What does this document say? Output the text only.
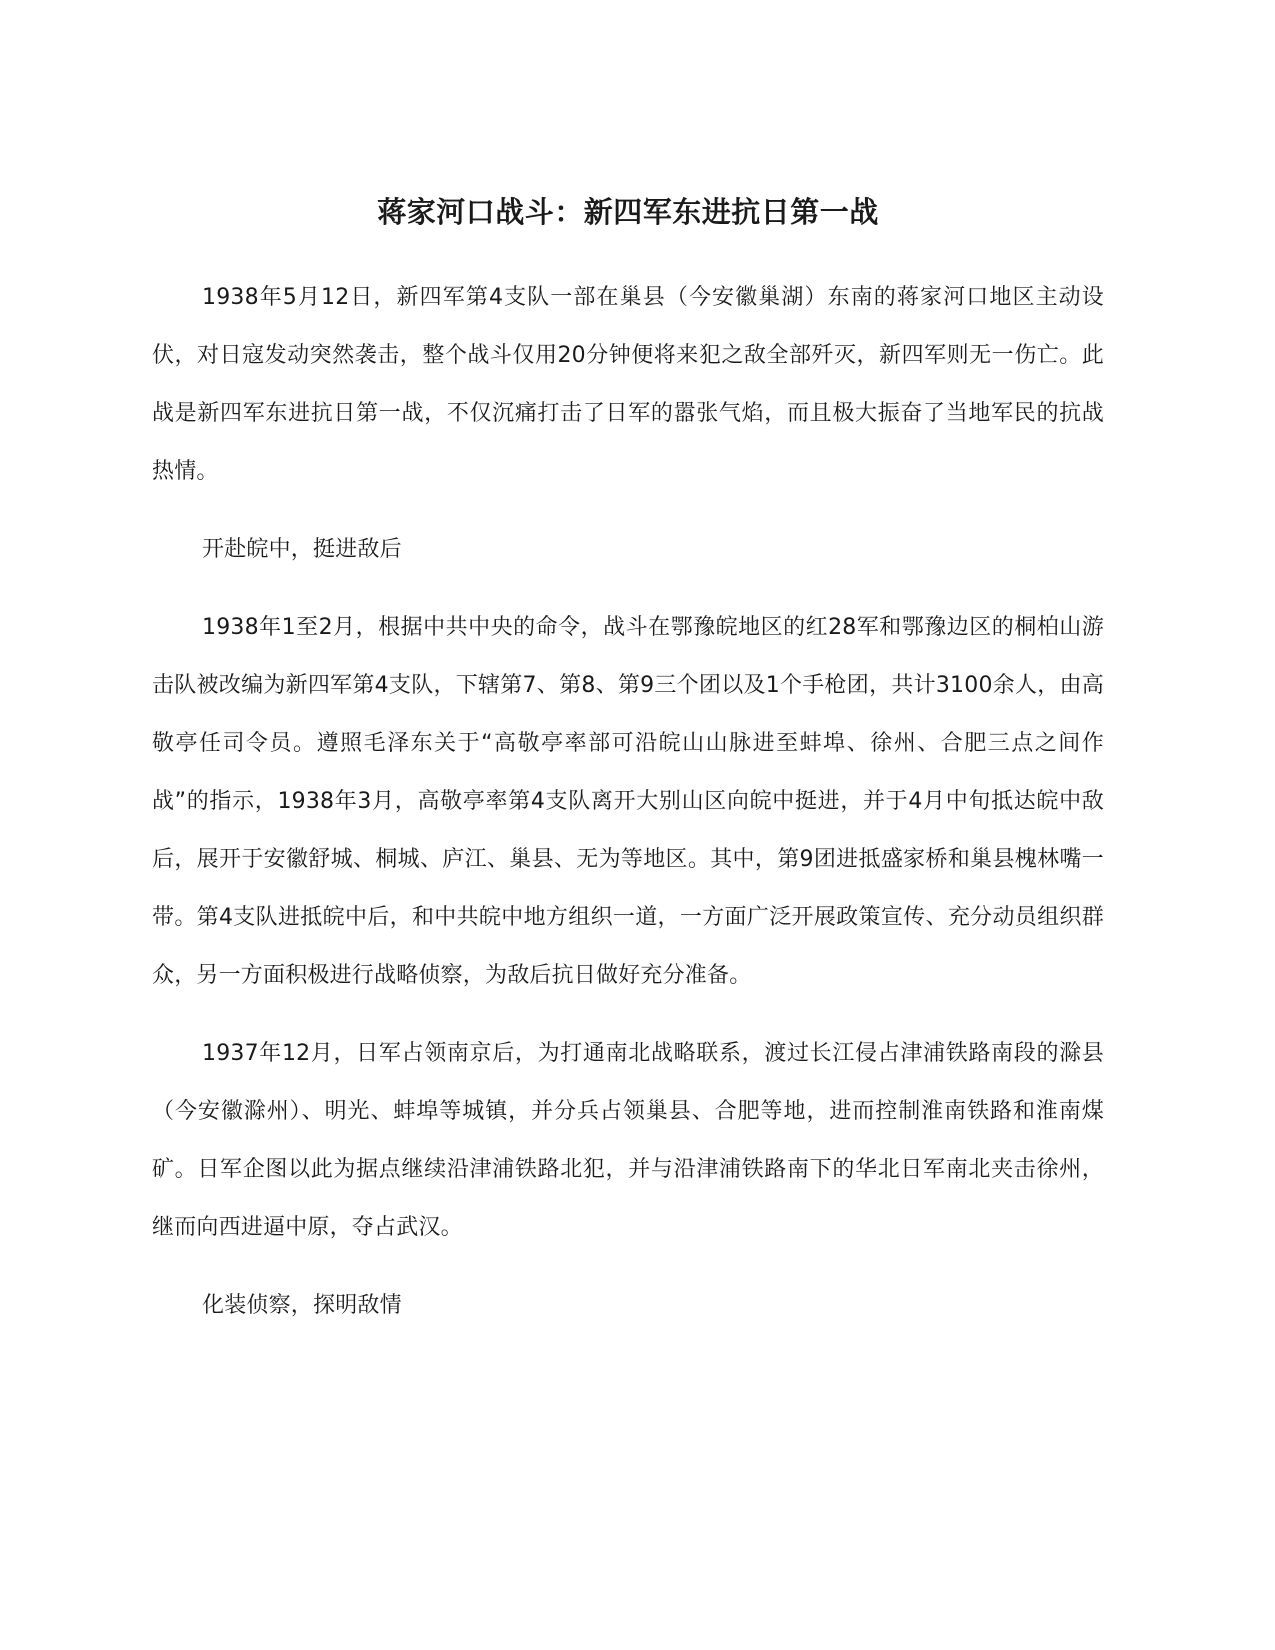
蒋家河口战斗：新四军东进抗日第一战

1938年5月12日，新四军第4支队一部在巢县（今安徽巢湖）东南的蒋家河口地区主动设伏，对日寇发动突然袭击，整个战斗仅用20分钟便将来犯之敌全部歼灭，新四军则无一伤亡。此战是新四军东进抗日第一战，不仅沉痛打击了日军的嚣张气焰，而且极大振奋了当地军民的抗战热情。

开赴皖中，挺进敌后

1938年1至2月，根据中共中央的命令，战斗在鄂豫皖地区的红28军和鄂豫边区的桐柏山游击队被改编为新四军第4支队，下辖第7、第8、第9三个团以及1个手枪团，共计3100余人，由高敬亭任司令员。遵照毛泽东关于“高敬亭率部可沿皖山山脉进至蚌埠、徐州、合肥三点之间作战”的指示，1938年3月，高敬亭率第4支队离开大别山区向皖中挺进，并于4月中旬抵达皖中敌后，展开于安徽舒城、桐城、庐江、巢县、无为等地区。其中，第9团进抵盛家桥和巢县槐林嘴一带。第4支队进抵皖中后，和中共皖中地方组织一道，一方面广泛开展政策宣传、充分动员组织群众，另一方面积极进行战略侦察，为敌后抗日做好充分准备。

1937年12月，日军占领南京后，为打通南北战略联系，渡过长江侵占津浦铁路南段的滁县（今安徽滁州）、明光、蚌埠等城镇，并分兵占领巢县、合肥等地，进而控制淮南铁路和淮南煤矿。日军企图以此为据点继续沿津浦铁路北犯，并与沿津浦铁路南下的华北日军南北夹击徐州，继而向西进逼中原，夺占武汉。

化装侦察，探明敌情
